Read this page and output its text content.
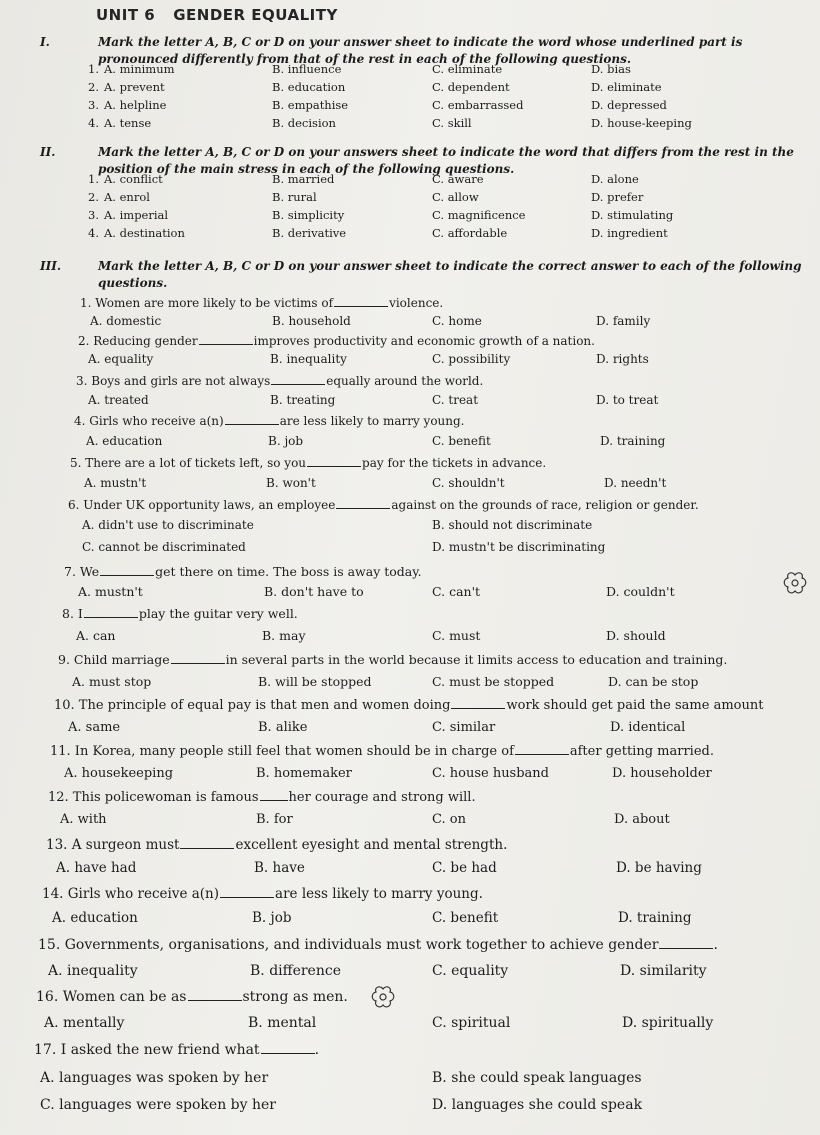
UNIT 6 GENDER EQUALITY
I.	Mark the letter A, B, C or D on your answer sheet to indicate the word whose underlined part is pronounced differently from that of the rest in each of the following questions.
1. A. minimum	B. influence	C. eliminate	D. bias
2. A. prevent	B. education	C. dependent	D. eliminate
3. A. helpline	B. empathise	C. embarrassed	D. depressed
4. A. tense	B. decision	C. skill	D. house-keeping
II.	Mark the letter A, B, C or D on your answers sheet to indicate the word that differs from the rest in the position of the main stress in each of the following questions.
1. A. conflict	B. married	C. aware	D. alone
2. A. enrol	B. rural	C. allow	D. prefer
3. A. imperial	B. simplicity	C. magnificence	D. stimulating
4. A. destination	B. derivative	C. affordable	D. ingredient
III.	Mark the letter A, B, C or D on your answer sheet to indicate the correct answer to each of the following questions.
1. Women are more likely to be victims of	violence.
A. domestic	B. household	C. home	D. family
2. Reducing gender	improves productivity and economic growth of a nation.
A. equality	B. inequality	C. possibility	D. rights
3. Boys and girls are not always	equally around the world.
A. treated	B. treating	C. treat	D. to treat
4. Girls who receive a(n)	are less likely to marry young.
A. education	B. job	C. benefit	D. training
5. There are a lot of tickets left, so you	pay for the tickets in advance.
A. mustn't	B. won't	C. shouldn't	D. needn't
6. Under UK opportunity laws, an employee	against on the grounds of race, religion or gender.
A. didn't use to discriminate	B. should not discriminate
C. cannot be discriminated	D. mustn't be discriminating
7. We	get there on time. The boss is away today.
A. mustn't	B. don't have to	C. can't	D. couldn't
8. I	play the guitar very well.
A. can	B. may	C. must	D. should
9. Child marriage	in several parts in the world because it limits access to education and training.
A. must stop	B. will be stopped	C. must be stopped	D. can be stop
10. The principle of equal pay is that men and women doing	work should get paid the same amount
A. same	B. alike	C. similar	D. identical
11. In Korea, many people still feel that women should be in charge of	after getting married.
A. housekeeping	B. homemaker	C. house husband	D. householder
12. This policewoman is famous her courage and strong will.
A. with	B. for	C. on	D. about
13. A surgeon must	excellent eyesight and mental strength.
A. have had	B. have	C. be had	D. be having
14. Girls who receive a(n)	are less likely to marry young.
A. education	B. job	C. benefit	D. training
15. Governments, organisations, and individuals must work together to achieve gender	.
A. inequality	B. difference	C. equality	D. similarity
16. Women can be as	strong as men.
A. mentally	B. mental	C. spiritual	D. spiritually
17. I asked the new friend what	.
A. languages was spoken by her	B. she could speak languages
C. languages were spoken by her	D. languages she could speak
